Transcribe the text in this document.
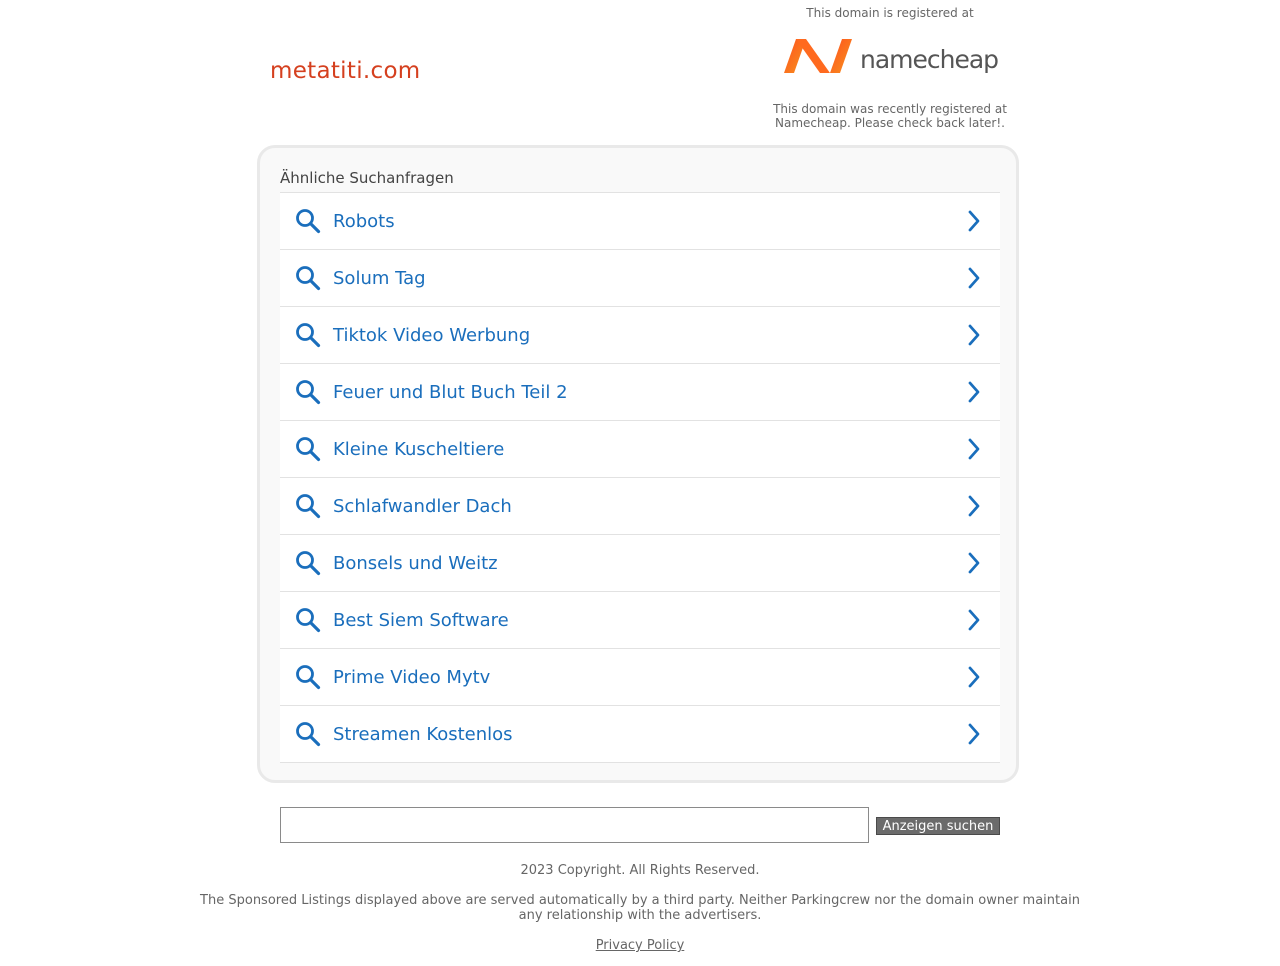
metatiti.com

This domain is registered at

namecheap
This domain was recently registered at Namecheap. Please check back later!.

Ähnliche Suchanfragen

Robots
Solum Tag
Tiktok Video Werbung
Feuer und Blut Buch Teil 2
Kleine Kuscheltiere
Schlafwandler Dach
Bonsels und Weitz
Best Siem Software
Prime Video Mytv
Streamen Kostenlos
Anzeigen suchen
2023 Copyright. All Rights Reserved.
The Sponsored Listings displayed above are served automatically by a third party. Neither Parkingcrew nor the domain owner maintain any relationship with the advertisers.
Privacy Policy
